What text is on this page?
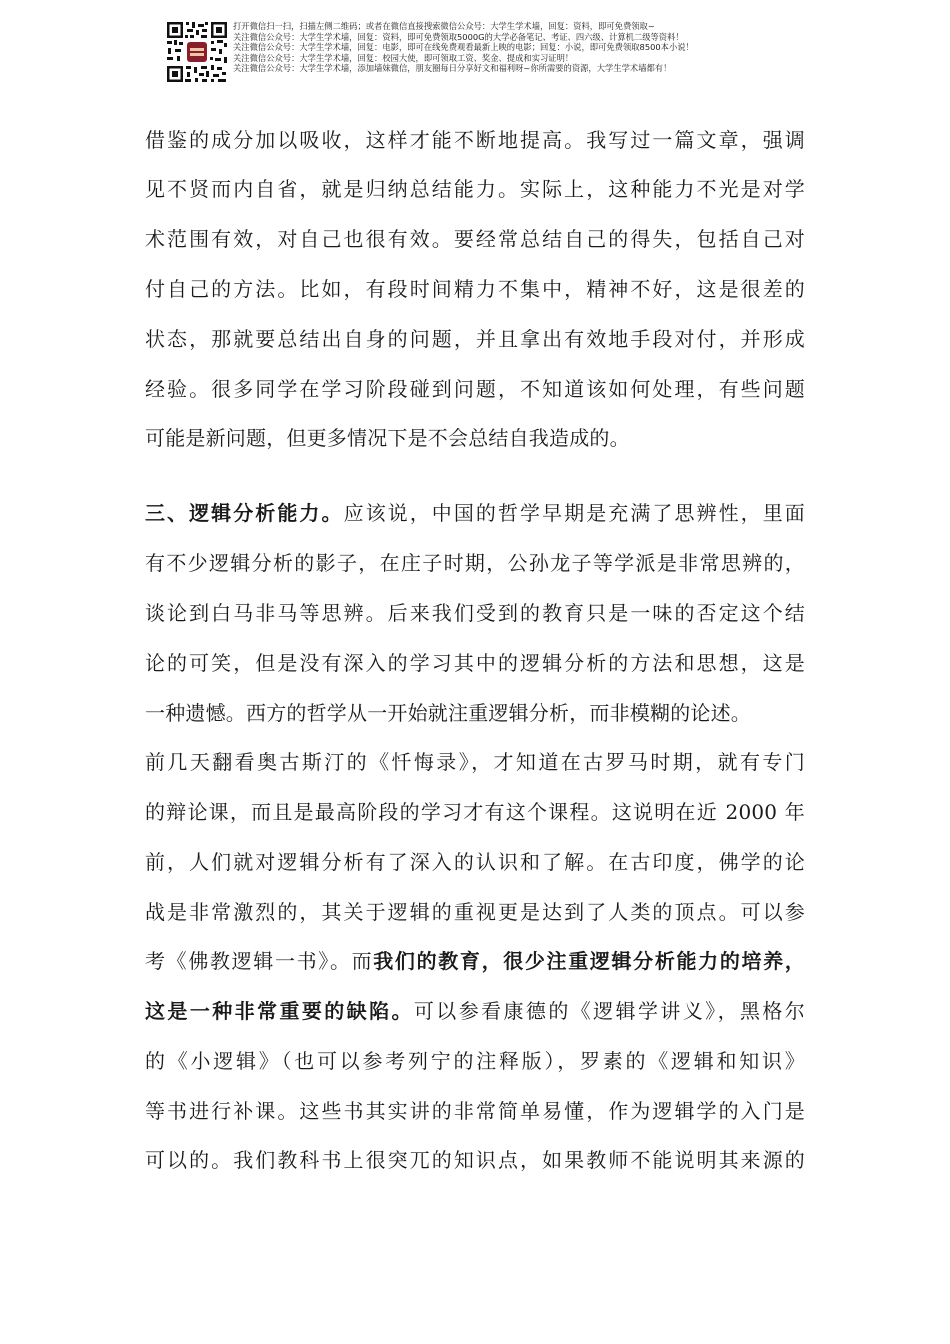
打开微信扫一扫，扫描左侧二维码；或者在微信直接搜索微信公众号：大学生学术墙，回复：资料，即可免费领取~
关注微信公众号：大学生学术墙，回复：资料，即可免费领取5000G的大学必备笔记、考证、四六级、计算机二级等资料！
关注微信公众号：大学生学术墙，回复：电影，即可在线免费观看最新上映的电影；回复：小说，即可免费领取8500本小说！
关注微信公众号：大学生学术墙，回复：校园大使，即可领取工资、奖金、提成和实习证明！
关注微信公众号：大学生学术墙，添加墙妹微信，朋友圈每日分享好文和福利呀~你所需要的资源，大学生学术墙都有！
借鉴的成分加以吸收，这样才能不断地提高。我写过一篇文章，强调
见不贤而内自省，就是归纳总结能力。实际上，这种能力不光是对学
术范围有效，对自己也很有效。要经常总结自己的得失，包括自己对
付自己的方法。比如，有段时间精力不集中，精神不好，这是很差的
状态，那就要总结出自身的问题，并且拿出有效地手段对付，并形成
经验。很多同学在学习阶段碰到问题，不知道该如何处理，有些问题
可能是新问题，但更多情况下是不会总结自我造成的。
三、逻辑分析能力。应该说，中国的哲学早期是充满了思辨性，里面
有不少逻辑分析的影子，在庄子时期，公孙龙子等学派是非常思辨的，
谈论到白马非马等思辨。后来我们受到的教育只是一味的否定这个结
论的可笑，但是没有深入的学习其中的逻辑分析的方法和思想，这是
一种遗憾。西方的哲学从一开始就注重逻辑分析，而非模糊的论述。
前几天翻看奥古斯汀的《忏悔录》，才知道在古罗马时期，就有专门
的辩论课，而且是最高阶段的学习才有这个课程。这说明在近 2000 年
前，人们就对逻辑分析有了深入的认识和了解。在古印度，佛学的论
战是非常激烈的，其关于逻辑的重视更是达到了人类的顶点。可以参
考《佛教逻辑一书》。而我们的教育，很少注重逻辑分析能力的培养，
这是一种非常重要的缺陷。可以参看康德的《逻辑学讲义》，黑格尔
的《小逻辑》（也可以参考列宁的注释版），罗素的《逻辑和知识》
等书进行补课。这些书其实讲的非常简单易懂，作为逻辑学的入门是
可以的。我们教科书上很突兀的知识点，如果教师不能说明其来源的
